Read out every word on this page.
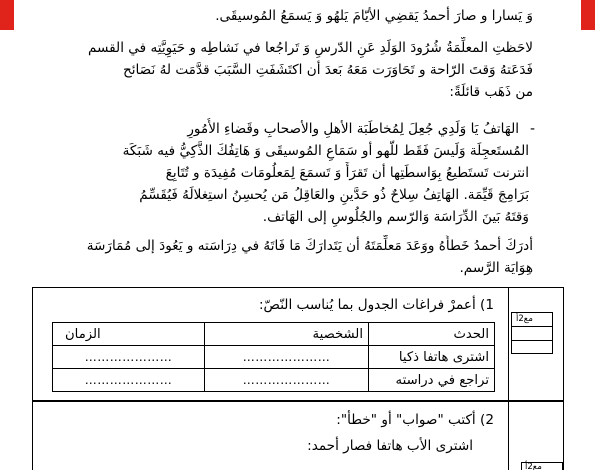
وَ يَسارا و صارَ أحمدُ يَقضِي الأيّامَ يَلهُو وَ يَسمَعُ المُوسيقَى.
لاحَظتِ المعلِّمَةُ شُرُودَ الوَلَدِ عَنِ الدّرسِ وَ تَراجُعا في نَشاطِه و حَيَوِيَّتِه في القسم
فَدَعَتهُ وَقتَ الرّاحة و تَحَاوَرَت مَعَهُ بَعدَ أن اكتَشَفَتِ السَّبَبَ قدَّمَت لهُ نَصَائح
من ذَهَب قائلَةً:
-
الهَاتفُ يَا وَلَدِي جُعِلَ لِمُخاطَبَة الأهلِ والأصحابِ وقَضاءِ الأُمُورِ
المُستَعجِلَة وَلَيسَ فَقَط للّهو أو سَمَاعِ المُوسيقَى وَ هَاتِفُكَ الذَّكِيُّ فيه شَبَكَة
انترنت تَستَطيعُ بِوَاسطَتِها أن تَقرَأَ وَ تَسمَعَ لِمَعلُومَات مُفِيدَة و تُتَابِعَ
بَرَامِجَ قَيِّمَة. الهَاتِفُ سِلاحٌ ذُو حَدَّينِ والعَاقِلُ مَن يُحسِنُ استِغلالَهُ فَيُقَسِّمُ
وَقتَهُ بَينَ الدِّرَاسَة وَالرّسم والجُلُوسِ إلى الهَاتف.
أدرَكَ أحمدُ خَطأَهُ ووَعَدَ مَعلِّمَتَهُ أن يَتَدارَكَ مَا فَاتَهُ في دِرَاسَته و يَعُودَ إلى مُمَارَسَة
هِوَايَة الرَّسم.
مع2أ
1) أعمرْ فراغات الجدول بما يُناسب النّصّ:
الحدث	الشخصية	الزمان
اشترى هاتفا ذكيا	…………………	…………………
تراجع في دراسته	…………………	…………………
2) أكتب "صواب" أو "خطأ":
اشترى الأب هاتفا فصار أحمد:
مع2أ
